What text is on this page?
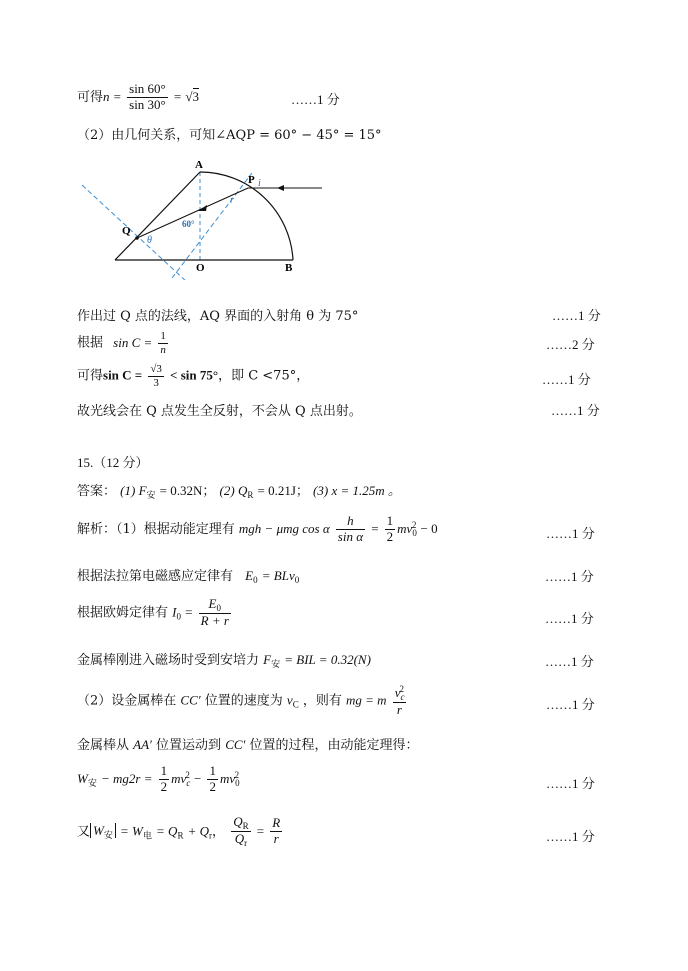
可得$n = \frac{\sin 60^\circ}{\sin 30^\circ} = √3$	……1 分
（2）由几何关系，可知∠AQP = 60° − 45° = 15°
A
P i
r
Q
θ
60°
O	B
作出过 Q 点的法线，AQ 界面的入射角 θ 为 75°	……1 分
根据 $\sin C = \frac{1}{n}$	……2 分
可得$\sin C = \frac{√3}{3} < \sin 75^\circ$，即 C <75°，	……1 分
故光线会在 Q 点发生全反射，不会从 Q 点出射。	……1 分
15.（12 分）
答案： (1) $F_安 = 0.32N$； (2) $Q_R = 0.21J$； (3) x = 1.25m 。
解析：（1）根据动能定理有 mgh − μmg cos α $\frac{h}{\text{sin α}} = \frac{1}{2} mv_0^2 - 0$	……1 分
根据法拉第电磁感应定律有 $E_0 = BLv_0$	……1 分
根据欧姆定律有 $I_0 = \frac{E_0}{R + r}$	……1 分
金属棒刚进入磁场时受到安培力 $F_安$ = BIL = 0.32(N)	……1 分
（2）设金属棒在 CC′ 位置的速度为 $v_C$ ，则有 mg = m $\frac{v_c^2}{r}$	……1 分
金属棒从 AA′ 位置运动到 CC′ 位置的过程，由动能定理得：
$W_安 - mg2r = \frac{1}{2} mv_c^2 - \frac{1}{2} mv_0^2$
……1 分
又 $W_安 = W_电 = Q_R + Q_r$， $\frac{Q_R}{Q_r} = \frac{R}{r}$	……1 分
